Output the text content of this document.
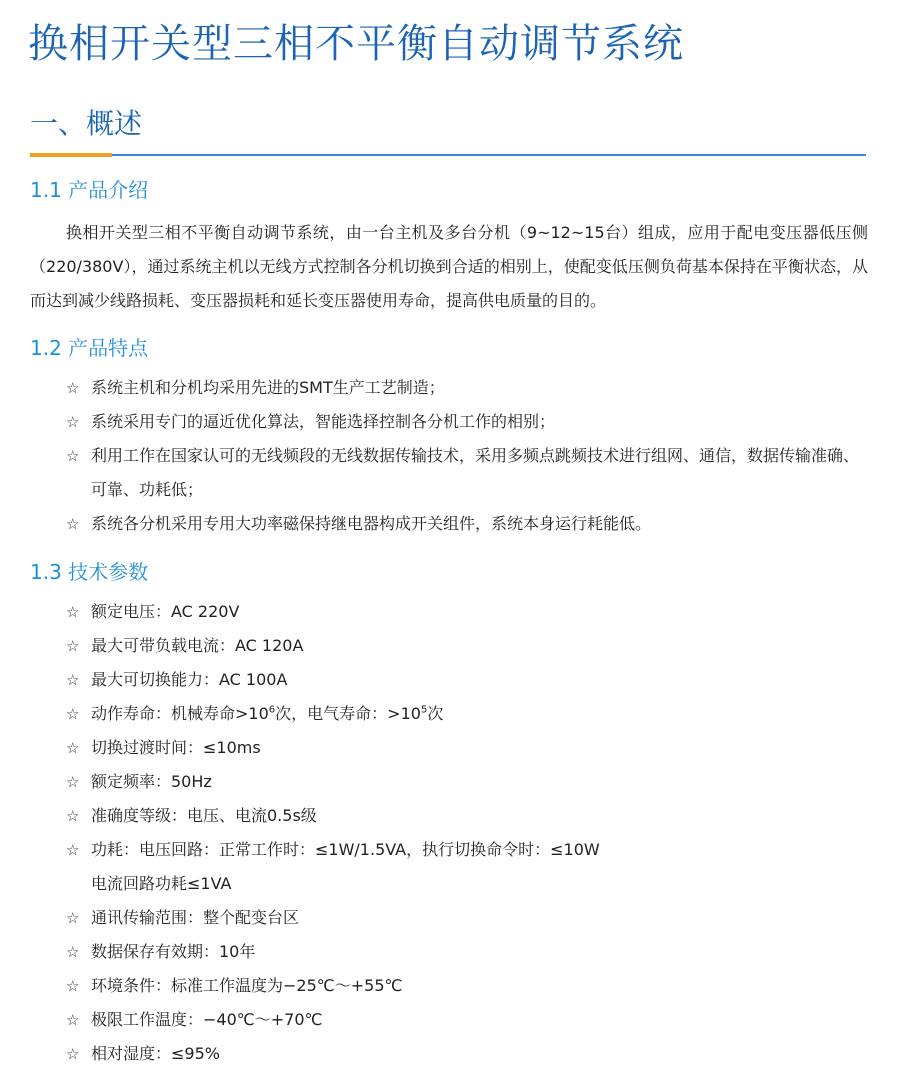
换相开关型三相不平衡自动调节系统
一、概述
1.1 产品介绍

换相开关型三相不平衡自动调节系统，由一台主机及多台分机（9~12~15台）组成，应用于配电变压器低压侧（220/380V），通过系统主机以无线方式控制各分机切换到合适的相别上，使配变低压侧负荷基本保持在平衡状态，从而达到减少线路损耗、变压器损耗和延长变压器使用寿命，提高供电质量的目的。

1.2 产品特点
☆ 系统主机和分机均采用先进的SMT生产工艺制造；
☆ 系统采用专门的逼近优化算法，智能选择控制各分机工作的相别；
☆ 利用工作在国家认可的无线频段的无线数据传输技术，采用多频点跳频技术进行组网、通信，数据传输准确、可靠、功耗低；
☆ 系统各分机采用专用大功率磁保持继电器构成开关组件，系统本身运行耗能低。
1.3 技术参数
☆ 额定电压：AC 220V
☆ 最大可带负载电流：AC 120A
☆ 最大可切换能力：AC 100A
☆ 动作寿命：机械寿命$>10^6$次，电气寿命：$>10^5$次
☆ 切换过渡时间：≤10ms
☆ 额定频率：50Hz
☆ 准确度等级：电压、电流0.5s级
☆ 功耗：电压回路：正常工作时：≤1W/1.5VA，执行切换命令时：≤10W
电流回路功耗≤1VA
☆ 通讯传输范围：整个配变台区
☆ 数据保存有效期：10年
☆ 环境条件：标准工作温度为−25℃～+55℃
☆ 极限工作温度：−40℃～+70℃
☆ 相对湿度：≤95%
